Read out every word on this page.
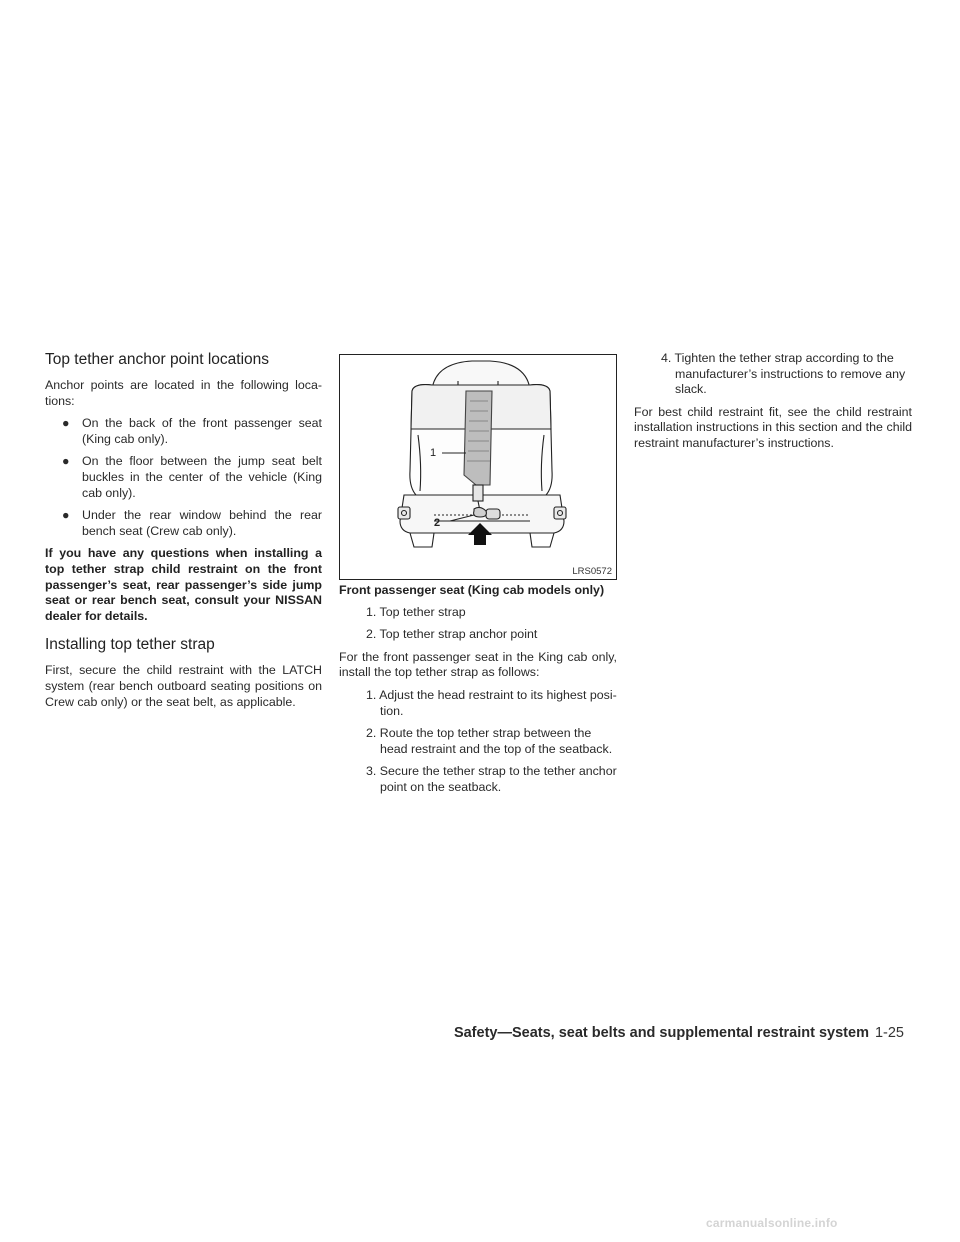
Top tether anchor point locations

Anchor points are located in the following loca- tions:

● On the back of the front passenger seat (King cab only).
● On the floor between the jump seat belt buckles in the center of the vehicle (King cab only).
● Under the rear window behind the rear bench seat (Crew cab only).

If you have any questions when installing a top tether strap child restraint on the front passenger’s seat, rear passenger’s side jump seat or rear bench seat, consult your NISSAN dealer for details.

Installing top tether strap

First, secure the child restraint with the LATCH system (rear bench outboard seating positions on Crew cab only) or the seat belt, as applicable.

1
2
LRS0572
Front passenger seat (King cab models only)
1. Top tether strap
2. Top tether strap anchor point

For the front passenger seat in the King cab only, install the top tether strap as follows:

1. Adjust the head restraint to its highest posi- tion.
2. Route the top tether strap between the head restraint and the top of the seatback.
3. Secure the tether strap to the tether anchor point on the seatback.
4. Tighten the tether strap according to the manufacturer’s instructions to remove any slack.

For best child restraint fit, see the child restraint installation instructions in this section and the child restraint manufacturer’s instructions.

Safety—Seats, seat belts and supplemental restraint system 1-25
carmanualsonline.info
